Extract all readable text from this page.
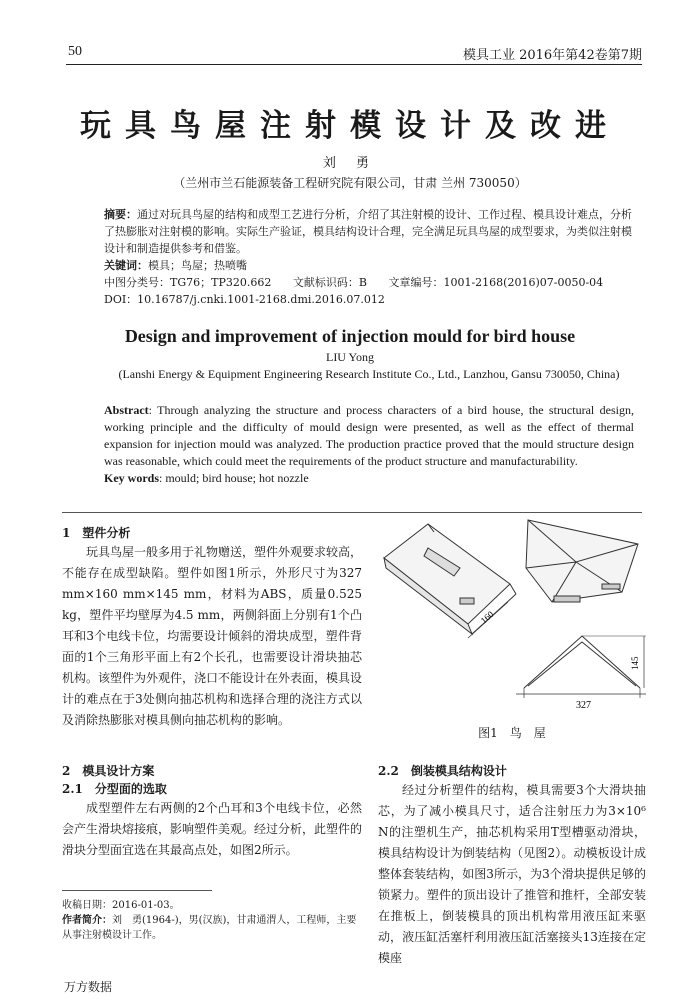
50	模具工业 2016年第42卷第7期
玩具鸟屋注射模设计及改进
刘 勇
（兰州市兰石能源装备工程研究院有限公司，甘肃 兰州 730050）

摘要：通过对玩具鸟屋的结构和成型工艺进行分析，介绍了其注射模的设计、工作过程、模具设计难点，分析了热膨胀对注射模的影响。实际生产验证，模具结构设计合理，完全满足玩具鸟屋的成型要求，为类似注射模设计和制造提供参考和借鉴。

关键词：模具；鸟屋；热喷嘴

中图分类号：TG76；TP320.662 文献标识码：B 文章编号：1001-2168(2016)07-0050-04
DOI：10.16787/j.cnki.1001-2168.dmi.2016.07.012
Design and improvement of injection mould for bird house
LIU Yong
(Lanshi Energy & Equipment Engineering Research Institute Co., Ltd., Lanzhou, Gansu 730050, China)

Abstract: Through analyzing the structure and process characters of a bird house, the structural design, working principle and the difficulty of mould design were presented, as well as the effect of thermal expansion for injection mould was analyzed. The production practice proved that the mould structure design was reasonable, which could meet the requirements of the product structure and manufacturability.

Key words: mould; bird house; hot nozzle

1　塑件分析

玩具鸟屋一般多用于礼物赠送，塑件外观要求较高，不能存在成型缺陷。塑件如图1所示，外形尺寸为327 mm×160 mm×145 mm，材料为ABS，质量0.525 kg，塑件平均壁厚为4.5 mm，两侧斜面上分别有1个凸耳和3个电线卡位，均需要设计倾斜的滑块成型，塑件背面的1个三角形平面上有2个长孔，也需要设计滑块抽芯机构。该塑件为外观件，浇口不能设计在外表面，模具设计的难点在于3处侧向抽芯机构和选择合理的浇注方式以及消除热膨胀对模具侧向抽芯机构的影响。

2　模具设计方案
2.1　分型面的选取

成型塑件左右两侧的2个凸耳和3个电线卡位，必然会产生滑块熔接痕，影响塑件美观。经过分析，此塑件的滑块分型面宜选在其最高点处，如图2所示。

收稿日期：2016-01-03。

作者简介：刘　勇(1964-)，男(汉族)，甘肃通渭人，工程师，主要从事注射模设计工作。

160
327
145
图1　鸟　屋
2.2　倒装模具结构设计

经过分析塑件的结构，模具需要3个大滑块抽芯，为了减小模具尺寸，适合注射压力为3×10⁶ N的注塑机生产，抽芯机构采用T型槽驱动滑块，模具结构设计为倒装结构（见图2）。动模板设计成整体套装结构，如图3所示，为3个滑块提供足够的锁紧力。塑件的顶出设计了推管和推杆，全部安装在推板上，倒装模具的顶出机构常用液压缸来驱动，液压缸活塞杆利用液压缸活塞接头13连接在定模座

万方数据
